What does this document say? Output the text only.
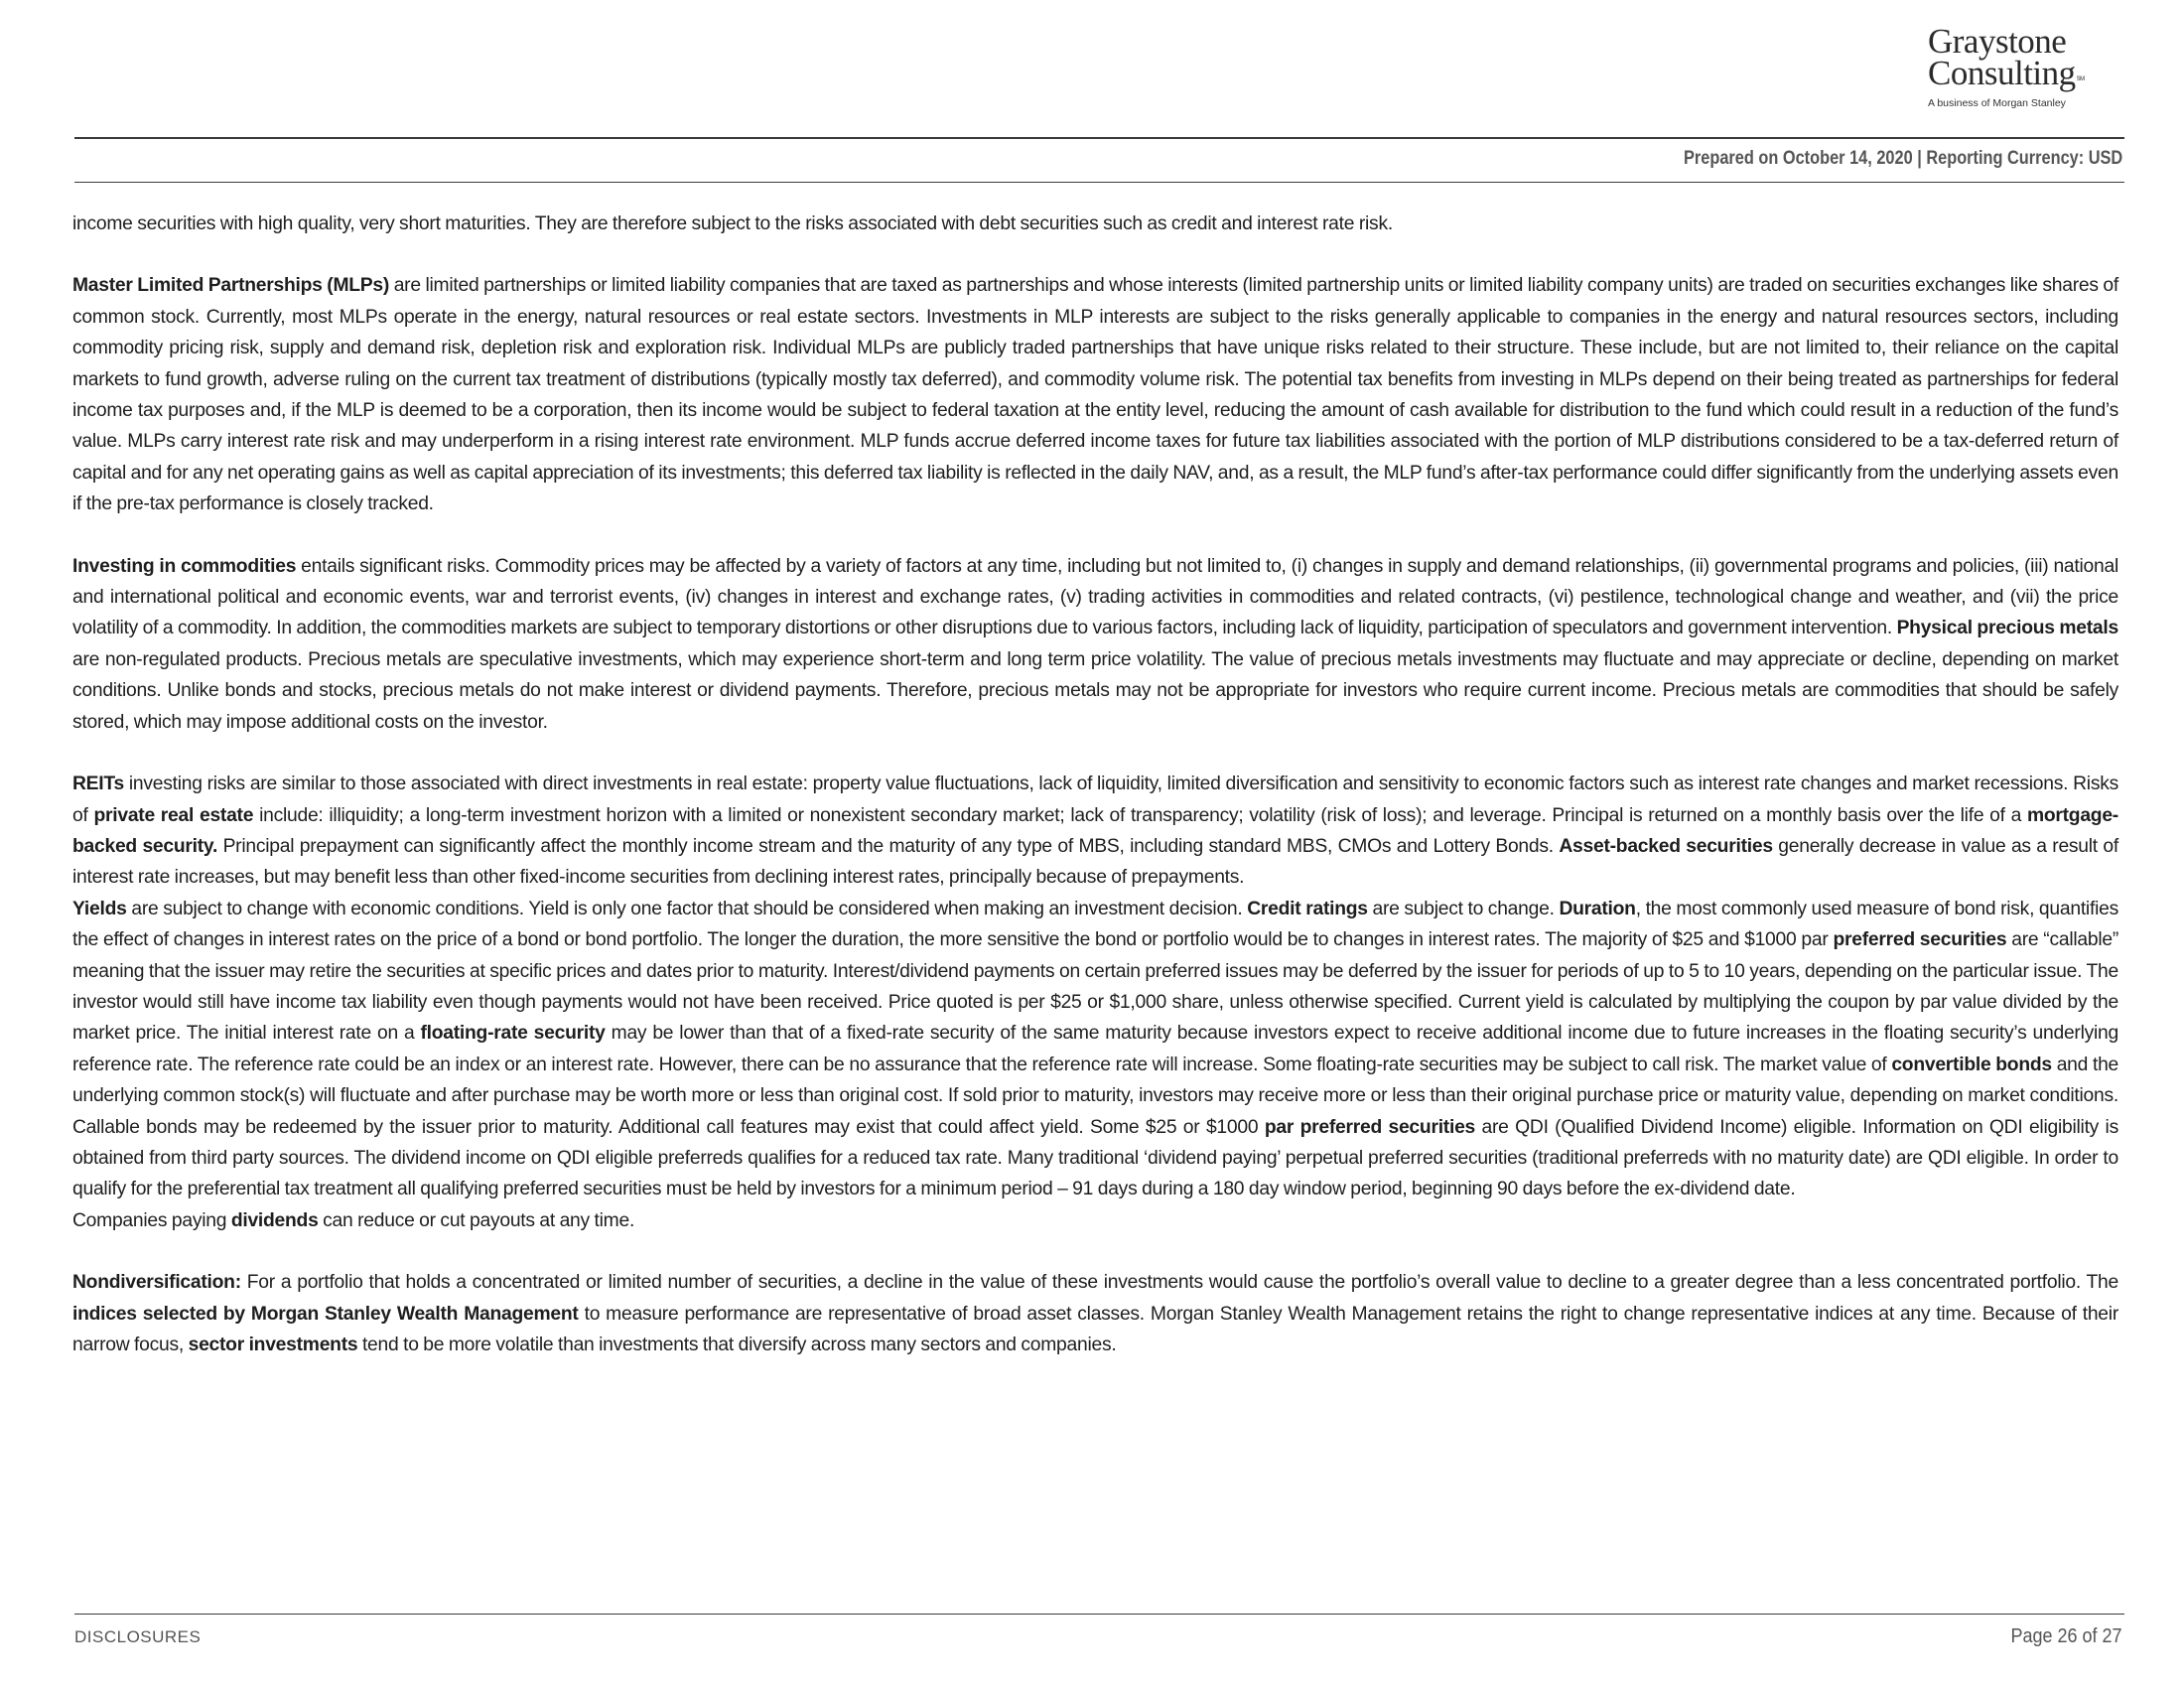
Graystone
Consulting℠
A business of Morgan Stanley
Prepared on October 14, 2020 | Reporting Currency: USD

income securities with high quality, very short maturities. They are therefore subject to the risks associated with debt securities such as credit and interest rate risk.

Master Limited Partnerships (MLPs) are limited partnerships or limited liability companies that are taxed as partnerships and whose interests (limited partnership units or limited liability company units) are traded on securities exchanges like shares of common stock. Currently, most MLPs operate in the energy, natural resources or real estate sectors. Investments in MLP interests are subject to the risks generally applicable to companies in the energy and natural resources sectors, including commodity pricing risk, supply and demand risk, depletion risk and exploration risk. Individual MLPs are publicly traded partnerships that have unique risks related to their structure. These include, but are not limited to, their reliance on the capital markets to fund growth, adverse ruling on the current tax treatment of distributions (typically mostly tax deferred), and commodity volume risk. The potential tax benefits from investing in MLPs depend on their being treated as partnerships for federal income tax purposes and, if the MLP is deemed to be a corporation, then its income would be subject to federal taxation at the entity level, reducing the amount of cash available for distribution to the fund which could result in a reduction of the fund’s value. MLPs carry interest rate risk and may underperform in a rising interest rate environment. MLP funds accrue deferred income taxes for future tax liabilities associated with the portion of MLP distributions considered to be a tax-deferred return of capital and for any net operating gains as well as capital appreciation of its investments; this deferred tax liability is reflected in the daily NAV, and, as a result, the MLP fund’s after-tax performance could differ significantly from the underlying assets even if the pre-tax performance is closely tracked.

Investing in commodities entails significant risks. Commodity prices may be affected by a variety of factors at any time, including but not limited to, (i) changes in supply and demand relationships, (ii) governmental programs and policies, (iii) national and international political and economic events, war and terrorist events, (iv) changes in interest and exchange rates, (v) trading activities in commodities and related contracts, (vi) pestilence, technological change and weather, and (vii) the price volatility of a commodity. In addition, the commodities markets are subject to temporary distortions or other disruptions due to various factors, including lack of liquidity, participation of speculators and government intervention. Physical precious metals are non-regulated products. Precious metals are speculative investments, which may experience short-term and long term price volatility. The value of precious metals investments may fluctuate and may appreciate or decline, depending on market conditions. Unlike bonds and stocks, precious metals do not make interest or dividend payments. Therefore, precious metals may not be appropriate for investors who require current income. Precious metals are commodities that should be safely stored, which may impose additional costs on the investor.

REITs investing risks are similar to those associated with direct investments in real estate: property value fluctuations, lack of liquidity, limited diversification and sensitivity to economic factors such as interest rate changes and market recessions. Risks of private real estate include: illiquidity; a long-term investment horizon with a limited or nonexistent secondary market; lack of transparency; volatility (risk of loss); and leverage. Principal is returned on a monthly basis over the life of a mortgage-backed security. Principal prepayment can significantly affect the monthly income stream and the maturity of any type of MBS, including standard MBS, CMOs and Lottery Bonds. Asset-backed securities generally decrease in value as a result of interest rate increases, but may benefit less than other fixed-income securities from declining interest rates, principally because of prepayments.

Yields are subject to change with economic conditions. Yield is only one factor that should be considered when making an investment decision. Credit ratings are subject to change. Duration, the most commonly used measure of bond risk, quantifies the effect of changes in interest rates on the price of a bond or bond portfolio. The longer the duration, the more sensitive the bond or portfolio would be to changes in interest rates. The majority of $25 and $1000 par preferred securities are “callable” meaning that the issuer may retire the securities at specific prices and dates prior to maturity. Interest/dividend payments on certain preferred issues may be deferred by the issuer for periods of up to 5 to 10 years, depending on the particular issue. The investor would still have income tax liability even though payments would not have been received. Price quoted is per $25 or $1,000 share, unless otherwise specified. Current yield is calculated by multiplying the coupon by par value divided by the market price. The initial interest rate on a floating-rate security may be lower than that of a fixed-rate security of the same maturity because investors expect to receive additional income due to future increases in the floating security’s underlying reference rate. The reference rate could be an index or an interest rate. However, there can be no assurance that the reference rate will increase. Some floating-rate securities may be subject to call risk. The market value of convertible bonds and the underlying common stock(s) will fluctuate and after purchase may be worth more or less than original cost. If sold prior to maturity, investors may receive more or less than their original purchase price or maturity value, depending on market conditions. Callable bonds may be redeemed by the issuer prior to maturity. Additional call features may exist that could affect yield. Some $25 or $1000 par preferred securities are QDI (Qualified Dividend Income) eligible. Information on QDI eligibility is obtained from third party sources. The dividend income on QDI eligible preferreds qualifies for a reduced tax rate. Many traditional ‘dividend paying’ perpetual preferred securities (traditional preferreds with no maturity date) are QDI eligible. In order to qualify for the preferential tax treatment all qualifying preferred securities must be held by investors for a minimum period – 91 days during a 180 day window period, beginning 90 days before the ex-dividend date.

Companies paying dividends can reduce or cut payouts at any time.

Nondiversification: For a portfolio that holds a concentrated or limited number of securities, a decline in the value of these investments would cause the portfolio’s overall value to decline to a greater degree than a less concentrated portfolio. The indices selected by Morgan Stanley Wealth Management to measure performance are representative of broad asset classes. Morgan Stanley Wealth Management retains the right to change representative indices at any time. Because of their narrow focus, sector investments tend to be more volatile than investments that diversify across many sectors and companies.

DISCLOSURES	Page 26 of 27
